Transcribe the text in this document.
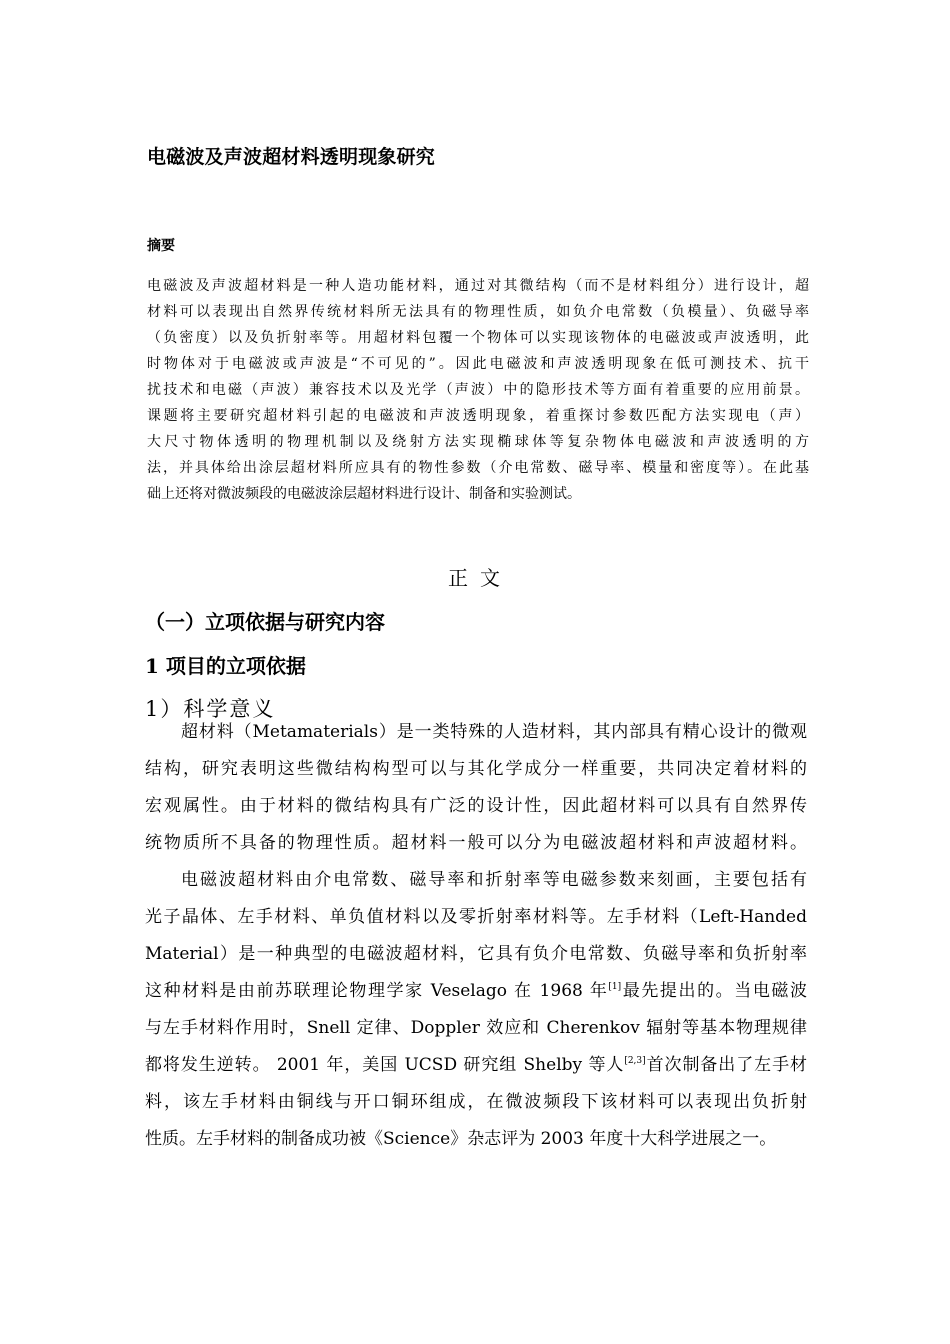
电磁波及声波超材料透明现象研究
摘要
电磁波及声波超材料是一种人造功能材料，通过对其微结构（而不是材料组分）进行设计，超
材料可以表现出自然界传统材料所无法具有的物理性质，如负介电常数（负模量）、负磁导率
（负密度）以及负折射率等。用超材料包覆一个物体可以实现该物体的电磁波或声波透明，此
时物体对于电磁波或声波是“不可见的”。因此电磁波和声波透明现象在低可测技术、抗干
扰技术和电磁（声波）兼容技术以及光学（声波）中的隐形技术等方面有着重要的应用前景。
课题将主要研究超材料引起的电磁波和声波透明现象，着重探讨参数匹配方法实现电（声）
大尺寸物体透明的物理机制以及绕射方法实现椭球体等复杂物体电磁波和声波透明的方
法，并具体给出涂层超材料所应具有的物性参数（介电常数、磁导率、模量和密度等）。在此基
础上还将对微波频段的电磁波涂层超材料进行设计、制备和实验测试。
正文
（一）立项依据与研究内容
1 项目的立项依据
1）科学意义
超材料（Metamaterials）是一类特殊的人造材料，其内部具有精心设计的微观
结构，研究表明这些微结构构型可以与其化学成分一样重要，共同决定着材料的
宏观属性。由于材料的微结构具有广泛的设计性，因此超材料可以具有自然界传
统物质所不具备的物理性质。超材料一般可以分为电磁波超材料和声波超材料。
电磁波超材料由介电常数、磁导率和折射率等电磁参数来刻画，主要包括有
光子晶体、左手材料、单负值材料以及零折射率材料等。左手材料（Left-Handed
Material）是一种典型的电磁波超材料，它具有负介电常数、负磁导率和负折射率
这种材料是由前苏联理论物理学家 Veselago 在 1968 年[1]最先提出的。当电磁波
与左手材料作用时，Snell 定律、Doppler 效应和 Cherenkov 辐射等基本物理规律
都将发生逆转。 2001 年，美国 UCSD 研究组 Shelby 等人[2,3]首次制备出了左手材
料，该左手材料由铜线与开口铜环组成，在微波频段下该材料可以表现出负折射
性质。左手材料的制备成功被《Science》杂志评为 2003 年度十大科学进展之一。
